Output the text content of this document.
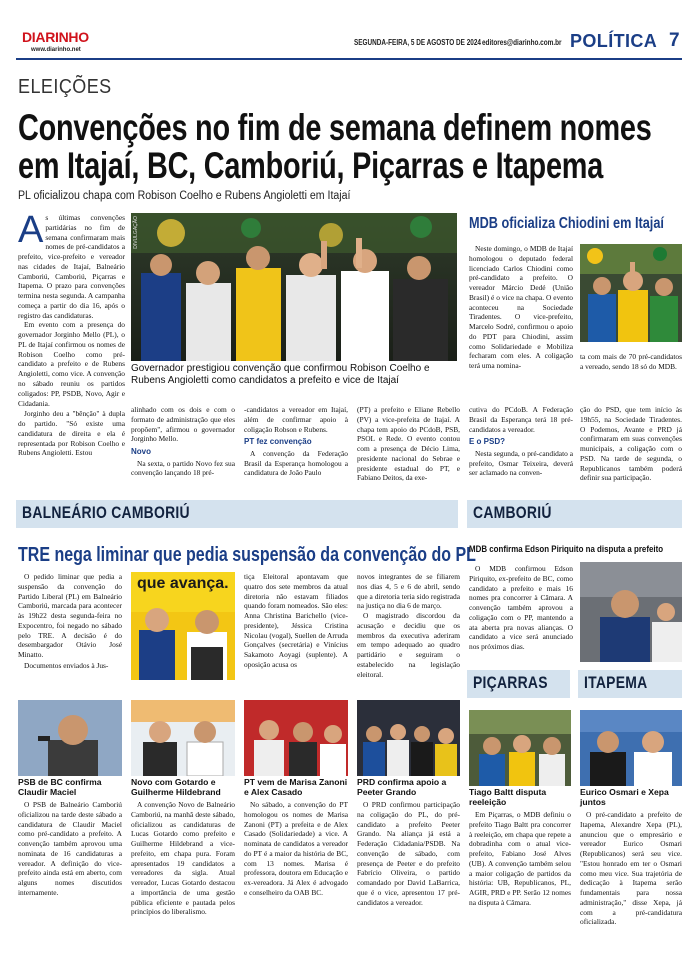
DIARINHO
www.diarinho.net
SEGUNDA-FEIRA, 5 DE AGOSTO DE 2024 editores@diarinho.com.br POLÍTICA 7
ELEIÇÕES
Convenções no fim de semana definem nomes
em Itajaí, BC, Camboriú, Piçarras e Itapema
PL oficializou chapa com Robison Coelho e Rubens Angioletti em Itajaí
A s últimas convenções partidárias no fim de semana confirmaram mais nomes de pré-candidatos a prefeito, vice-prefeito e vereador nas cidades de Itajaí, Balneário Camboriú, Camboriú, Piçarras e Itapema. O prazo para convenções termina nesta segunda. A campanha começa a partir do dia 16, após o registro das candidaturas.

Em evento com a presença do governador Jorginho Mello (PL), o PL de Itajaí confirmou os nomes de Robison Coelho como pré-candidato a prefeito e de Rubens Angioletti, como vice. A convenção no sábado reuniu os partidos coligados: PP, PSDB, Novo, Agir e Cidadania.

Jorginho deu a "bênção" à dupla do partido. "Só existe uma candidatura de direita e ela é representada por Robison Coelho e Rubens Angioletti. Estou

DIVULGAÇÃO
Governador prestigiou convenção que confirmou Robison Coelho e Rubens Angioletti como candidatos a prefeito e vice de Itajaí
alinhado com os dois e com o formato de administração que eles propõem", afirmou o governador Jorginho Mello.
Novo

Na sexta, o partido Novo fez sua convenção lançando 18 pré-

-candidatos a vereador em Itajaí, além de confirmar apoio à coligação Robson e Rubens.
PT fez convenção

A convenção da Federação Brasil da Esperança homologou a candidatura de João Paulo

(PT) a prefeito e Eliane Rebello (PV) a vice-prefeita de Itajaí. A chapa tem apoio do PCdoB, PSB, PSOL e Rede. O evento contou com a presença de Décio Lima, presidente nacional do Sebrae e presidente estadual do PT, e Fabiano Deitos, da exe-
MDB oficializa Chiodini em Itajaí

Neste domingo, o MDB de Itajaí homologou o deputado federal licenciado Carlos Chiodini como pré-candidato a prefeito. O vereador Márcio Dedé (União Brasil) é o vice na chapa. O evento aconteceu na Sociedade Tiradentes. O vice-prefeito, Marcelo Sodré, confirmou o apoio do PDT para Chiodini, assim como Solidariedade e Mobiliza fecharam com eles. A coligação terá uma nomina-

ta com mais de 70 pré-candidatos a vereado, sendo 18 só do MDB.
cutiva do PCdoB. A Federação Brasil da Esperança terá 18 pré-candidatos a vereador.
E o PSD?

Nesta segunda, o pré-candidato a prefeito, Osmar Teixeira, deverá ser aclamado na conven-

ção do PSD, que tem início às 19h55, na Sociedade Tiradentes. O Podemos, Avante e PRD já confirmaram em suas convenções municipais, a coligação com o PSD. Na tarde de segunda, o Republicanos também poderá definir sua participação.
BALNEÁRIO CAMBORIÚ	CAMBORIÚ
TRE nega liminar que pedia suspensão da convenção do PL

O pedido liminar que pedia a suspensão da convenção do Partido Liberal (PL) em Balneário Camboriú, marcada para acontecer às 19h22 desta segunda-feira no Expocentro, foi negado no sábado pelo TRE. A decisão é do desembargador Otávio José Minatto.

Documentos enviados à Jus-

que avança. tiça Eleitoral apontavam que quatro dos sete membros da atual diretoria não estavam filiados quando foram nomeados. São eles: Anna Christina Barichello (vice-presidente), Jéssica Cristina Nicolau (vogal), Suellen de Arruda Gonçalves (secretária) e Vinícius Sakamoto Aoyagi (suplente). A oposição acusa os
novos integrantes de se filiarem nos dias 4, 5 e 6 de abril, sendo que a diretoria teria sido registrada na justiça no dia 6 de março.

O magistrado discordou da acusação e decidiu que os membros da executiva aderiram em tempo adequado ao quadro partidário e seguiram o estabelecido na legislação eleitoral.

MDB confirma Edson Piriquito na disputa a prefeito

O MDB confirmou Edson Piriquito, ex-prefeito de BC, como candidato a prefeito e mais 16 nomes pra concorrer à Câmara. A convenção também aprovou a coligação com o PP, mantendo a ata aberta pra novas alianças. O candidato a vice será anunciado nos próximos dias.

PIÇARRAS ITAPEMA
PSB de BC confirma Claudir Maciel
Novo com Gotardo e Guilherme Hildebrand
PT vem de Marisa Zanoni e Alex Casado
PRD confirma apoio a Peeter Grando

O PSB de Balneário Camboriú oficializou na tarde deste sábado a candidatura de Claudir Maciel como pré-candidato a prefeito. A convenção também aprovou uma nominata de 16 candidaturas a vereador. A definição do vice-prefeito ainda está em aberto, com alguns nomes discutidos internamente.

A convenção Novo de Balneário Camboriú, na manhã deste sábado, oficializou as candidaturas de Lucas Gotardo como prefeito e Guilherme Hildebrand a vice-prefeito, em chapa pura. Foram apresentados 19 candidatos a vereadores da sigla. Atual vereador, Lucas Gotardo destacou a importância de uma gestão pública eficiente e pautada pelos princípios do liberalismo.

No sábado, a convenção do PT homologou os nomes de Marisa Zanoni (PT) a prefeita e de Alex Casado (Solidariedade) a vice. A nominata de candidatos a vereador do PT é a maior da história de BC, com 13 nomes. Marisa é professora, doutora em Educação e ex-vereadora. Já Alex é advogado e conselheiro da OAB BC.

O PRD confirmou participação na coligação do PL, do pré-candidato a prefeito Peeter Grando. Na aliança já está a Federação Cidadania/PSDB. Na convenção de sábado, com presença de Peeter e do prefeito Fabrício Oliveira, o partido comandado por David LaBarrica, que é o vice, apresentou 17 pré-candidatos a vereador.

Tiago Baltt disputa reeleição
Eurico Osmari e Xepa juntos

Em Piçarras, o MDB definiu o prefeito Tiago Baltt pra concorrer à reeleição, em chapa que repete a dobradinha com o atual vice-prefeito, Fabiano José Alves (UB). A convenção também selou a maior coligação de partidos da história: UB, Republicanos, PL, AGIR, PRD e PP. Serão 12 nomes na disputa à Câmara.

O pré-candidato a prefeito de Itapema, Alexandre Xepa (PL), anunciou que o empresário e vereador Eurico Osmari (Republicanos) será seu vice. "Estou honrado em ter o Osmari como meu vice. Sua trajetória de dedicação à Itapema serão fundamentais para nossa administração," disse Xepa, já com a pré-candidatura oficializada.
